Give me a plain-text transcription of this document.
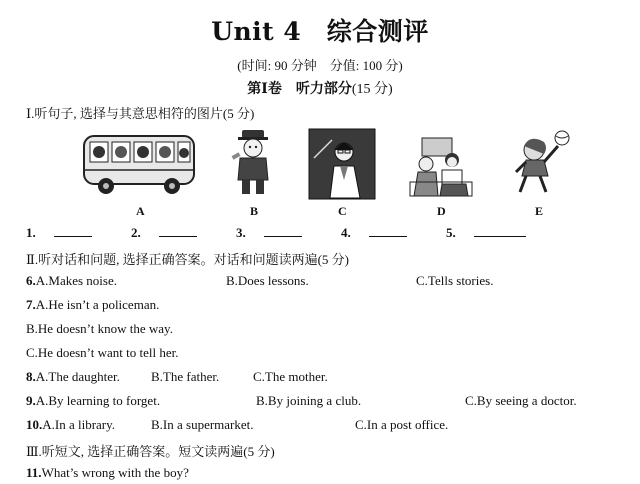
Unit 4　综合测评
(时间: 90 分钟　分值: 100 分)
第Ⅰ卷　听力部分(15 分)
Ⅰ.听句子, 选择与其意思相符的图片(5 分)
A	B	C	D	E
1.	2.	3.	4.	5.
Ⅱ.听对话和问题, 选择正确答案。对话和问题读两遍(5 分)
6.A.Makes noise.	B.Does lessons.	C.Tells stories.
7.A.He isn’t a policeman.
B.He doesn’t know the way.
C.He doesn’t want to tell her.
8.A.The daughter. B.The father.	C.The mother.
9.A.By learning to forget.	B.By joining a club.	C.By seeing a doctor.
10.A.In a library.	B.In a supermarket.	C.In a post office.
Ⅲ.听短文, 选择正确答案。短文读两遍(5 分)
11.What’s wrong with the boy?
